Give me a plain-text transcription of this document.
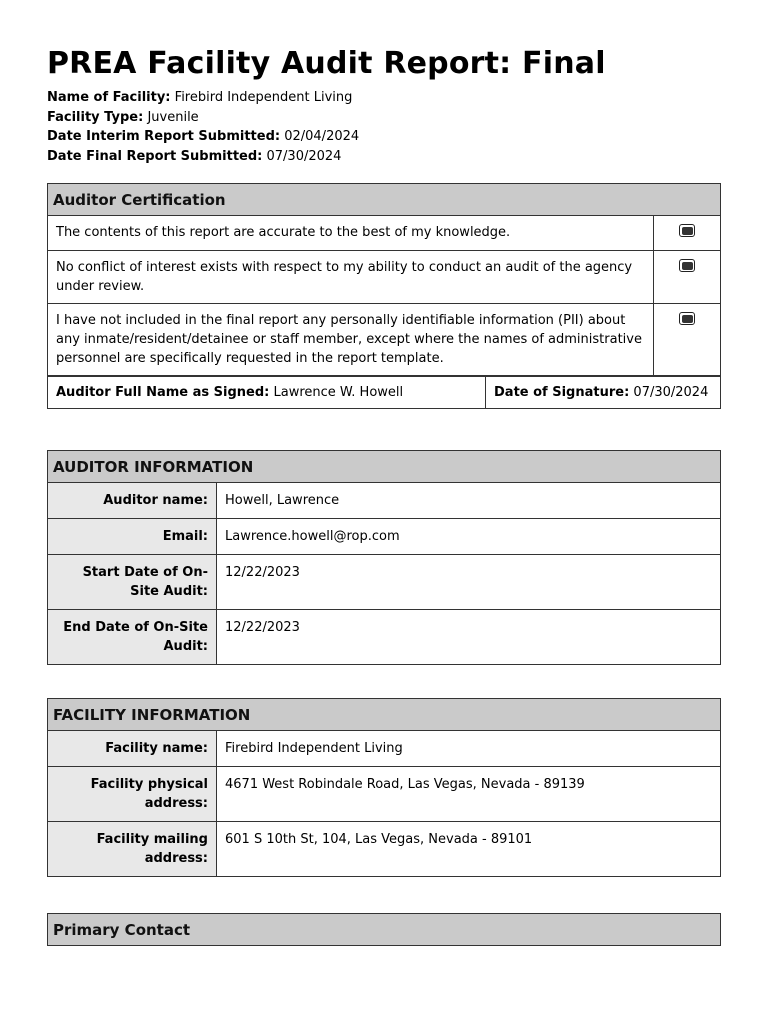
PREA Facility Audit Report: Final
Name of Facility: Firebird Independent Living
Facility Type: Juvenile
Date Interim Report Submitted: 02/04/2024
Date Final Report Submitted: 07/30/2024
Auditor Certification	
The contents of this report are accurate to the best of my knowledge.	
No conflict of interest exists with respect to my ability to conduct an audit of the agency under review.	
I have not included in the final report any personally identifiable information (PII) about any inmate/resident/detainee or staff member, except where the names of administrative personnel are specifically requested in the report template.	
Auditor Full Name as Signed: Lawrence W. Howell	Date of Signature: 07/30/2024
AUDITOR INFORMATION	
Auditor name:	Howell, Lawrence
Email:	Lawrence.howell@rop.com
Start Date of On-Site Audit:	12/22/2023
End Date of On-Site Audit:	12/22/2023
FACILITY INFORMATION	
Facility name:	Firebird Independent Living
Facility physical address:	4671 West Robindale Road, Las Vegas, Nevada - 89139
Facility mailing address:	601 S 10th St, 104, Las Vegas, Nevada - 89101
Primary Contact
